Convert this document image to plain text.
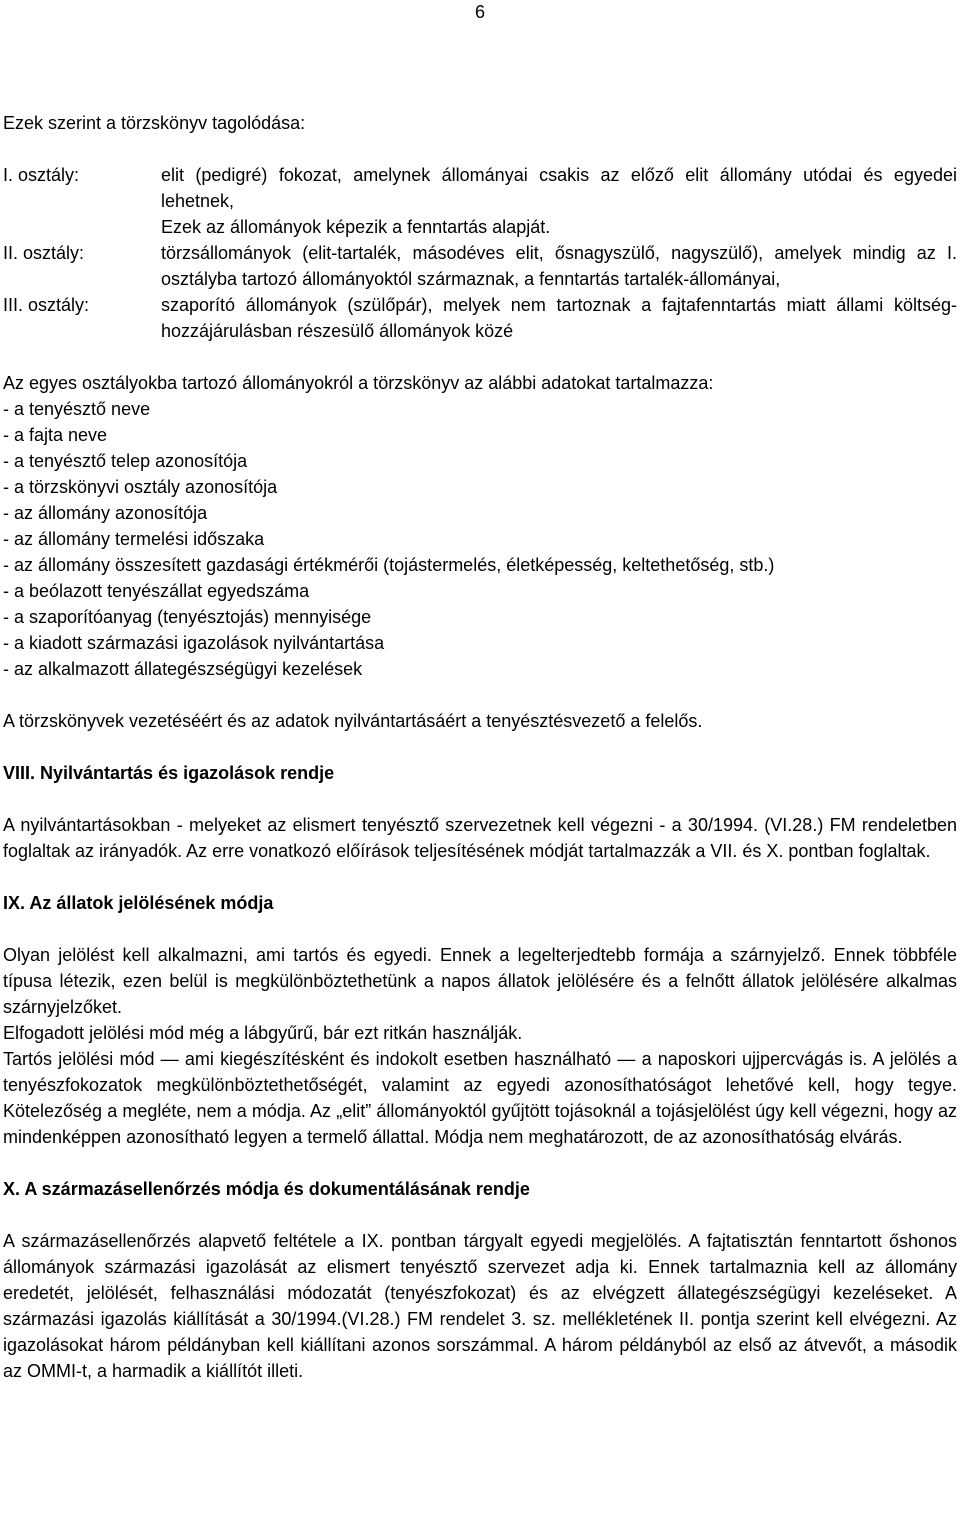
6

Ezek szerint a törzskönyv tagolódása:

I. osztály:	elit (pedigré) fokozat, amelynek állományai csakis az előző elit állomány utódai és egyedei lehetnek,

Ezek az állományok képezik a fenntartás alapját.

II. osztály:	törzsállományok (elit-tartalék, másodéves elit, ősnagyszülő, nagyszülő), amelyek mindig az I. osztályba tartozó állományoktól származnak, a fenntartás tartalék-állományai,

III. osztály:	szaporító állományok (szülőpár), melyek nem tartoznak a fajtafenntartás miatt állami költség-hozzájárulásban részesülő állományok közé

Az egyes osztályokba tartozó állományokról a törzskönyv az alábbi adatokat tartalmazza:

- a tenyésztő neve
- a fajta neve
- a tenyésztő telep azonosítója
- a törzskönyvi osztály azonosítója
- az állomány azonosítója
- az állomány termelési időszaka
- az állomány összesített gazdasági értékmérői (tojástermelés, életképesség, keltethetőség, stb.)
- a beólazott tenyészállat egyedszáma
- a szaporítóanyag (tenyésztojás) mennyisége
- a kiadott származási igazolások nyilvántartása
- az alkalmazott állategészségügyi kezelések

A törzskönyvek vezetéséért és az adatok nyilvántartásáért a tenyésztésvezető a felelős.

VIII. Nyilvántartás és igazolások rendje

A nyilvántartásokban - melyeket az elismert tenyésztő szervezetnek kell végezni - a 30/1994. (VI.28.) FM rendeletben foglaltak az irányadók. Az erre vonatkozó előírások teljesítésének módját tartalmazzák a VII. és X. pontban foglaltak.

IX. Az állatok jelölésének módja

Olyan jelölést kell alkalmazni, ami tartós és egyedi. Ennek a legelterjedtebb formája a szárnyjelző. Ennek többféle típusa létezik, ezen belül is megkülönböztethetünk a napos állatok jelölésére és a felnőtt állatok jelölésére alkalmas szárnyjelzőket.

Elfogadott jelölési mód még a lábgyűrű, bár ezt ritkán használják.

Tartós jelölési mód — ami kiegészítésként és indokolt esetben használható — a naposkori ujjpercvágás is. A jelölés a tenyészfokozatok megkülönböztethetőségét, valamint az egyedi azonosíthatóságot lehetővé kell, hogy tegye. Kötelezőség a megléte, nem a módja. Az „elit” állományoktól gyűjtött tojásoknál a tojásjelölést úgy kell végezni, hogy az mindenképpen azonosítható legyen a termelő állattal. Módja nem meghatározott, de az azonosíthatóság elvárás.

X. A származásellenőrzés módja és dokumentálásának rendje

A származásellenőrzés alapvető feltétele a IX. pontban tárgyalt egyedi megjelölés. A fajtatisztán fenntartott őshonos állományok származási igazolását az elismert tenyésztő szervezet adja ki. Ennek tartalmaznia kell az állomány eredetét, jelölését, felhasználási módozatát (tenyészfokozat) és az elvégzett állategészségügyi kezeléseket. A származási igazolás kiállítását a 30/1994.(VI.28.) FM rendelet 3. sz. mellékletének II. pontja szerint kell elvégezni. Az igazolásokat három példányban kell kiállítani azonos sorszámmal. A három példányból az első az átvevőt, a második az OMMI-t, a harmadik a kiállítót illeti.
